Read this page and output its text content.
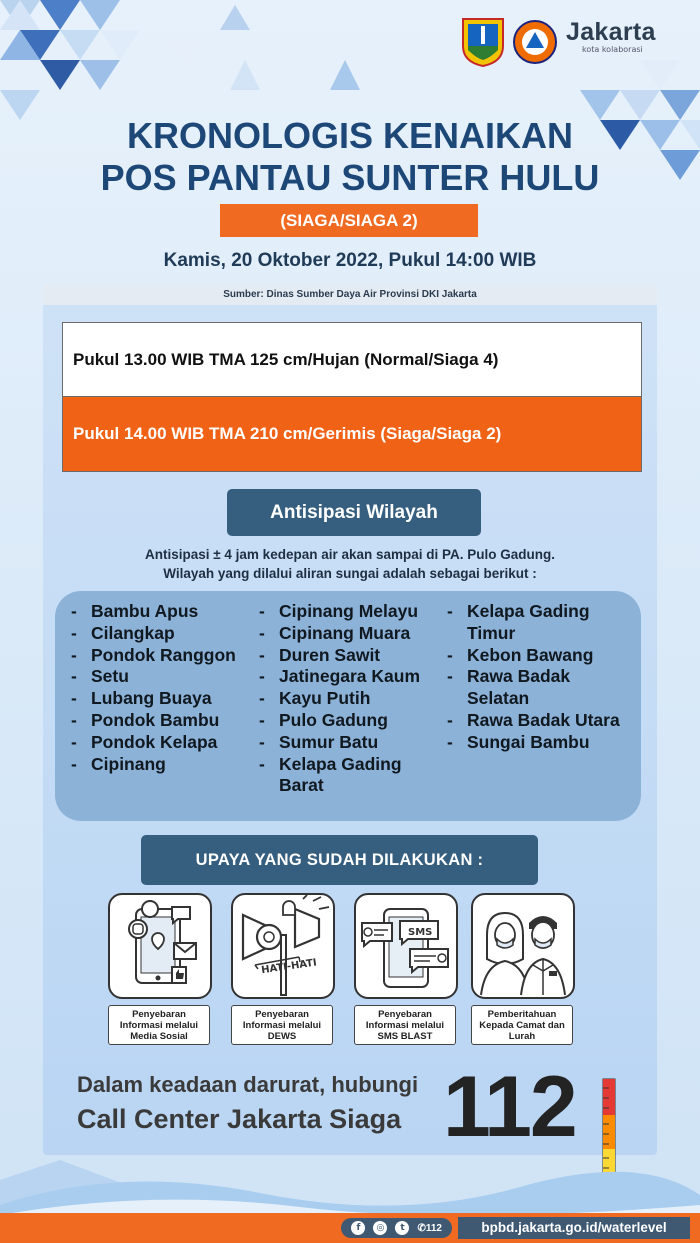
Jakarta
kota kolaborasi
KRONOLOGIS KENAIKAN
POS PANTAU SUNTER HULU
(SIAGA/SIAGA 2)
Kamis, 20 Oktober 2022, Pukul 14:00 WIB
Sumber: Dinas Sumber Daya Air Provinsi DKI Jakarta
Pukul 13.00 WIB TMA 125 cm/Hujan (Normal/Siaga 4)
Pukul 14.00 WIB TMA 210 cm/Gerimis (Siaga/Siaga 2)
Antisipasi Wilayah
Antisipasi ± 4 jam kedepan air akan sampai di PA. Pulo Gadung.
Wilayah yang dilalui aliran sungai adalah sebagai berikut :
- Bambu Apus
- Cilangkap
- Pondok Ranggon
- Setu
- Lubang Buaya
- Pondok Bambu
- Pondok Kelapa
- Cipinang
- Cipinang Melayu
- Cipinang Muara
- Duren Sawit
- Jatinegara Kaum
- Kayu Putih
- Pulo Gadung
- Sumur Batu
- Kelapa Gading Barat
- Kelapa Gading Timur
- Kebon Bawang
- Rawa Badak Selatan
- Rawa Badak Utara
- Sungai Bambu
UPAYA YANG SUDAH DILAKUKAN :
Penyebaran Informasi melalui Media Sosial
HATI-HATI
Penyebaran Informasi melalui DEWS
SMS
Penyebaran Informasi melalui SMS BLAST
Pemberitahuan Kepada Camat dan Lurah
Dalam keadaan darurat, hubungi
Call Center Jakarta Siaga 112
f	◎	t	✆112	bpbd.jakarta.go.id/waterlevel
